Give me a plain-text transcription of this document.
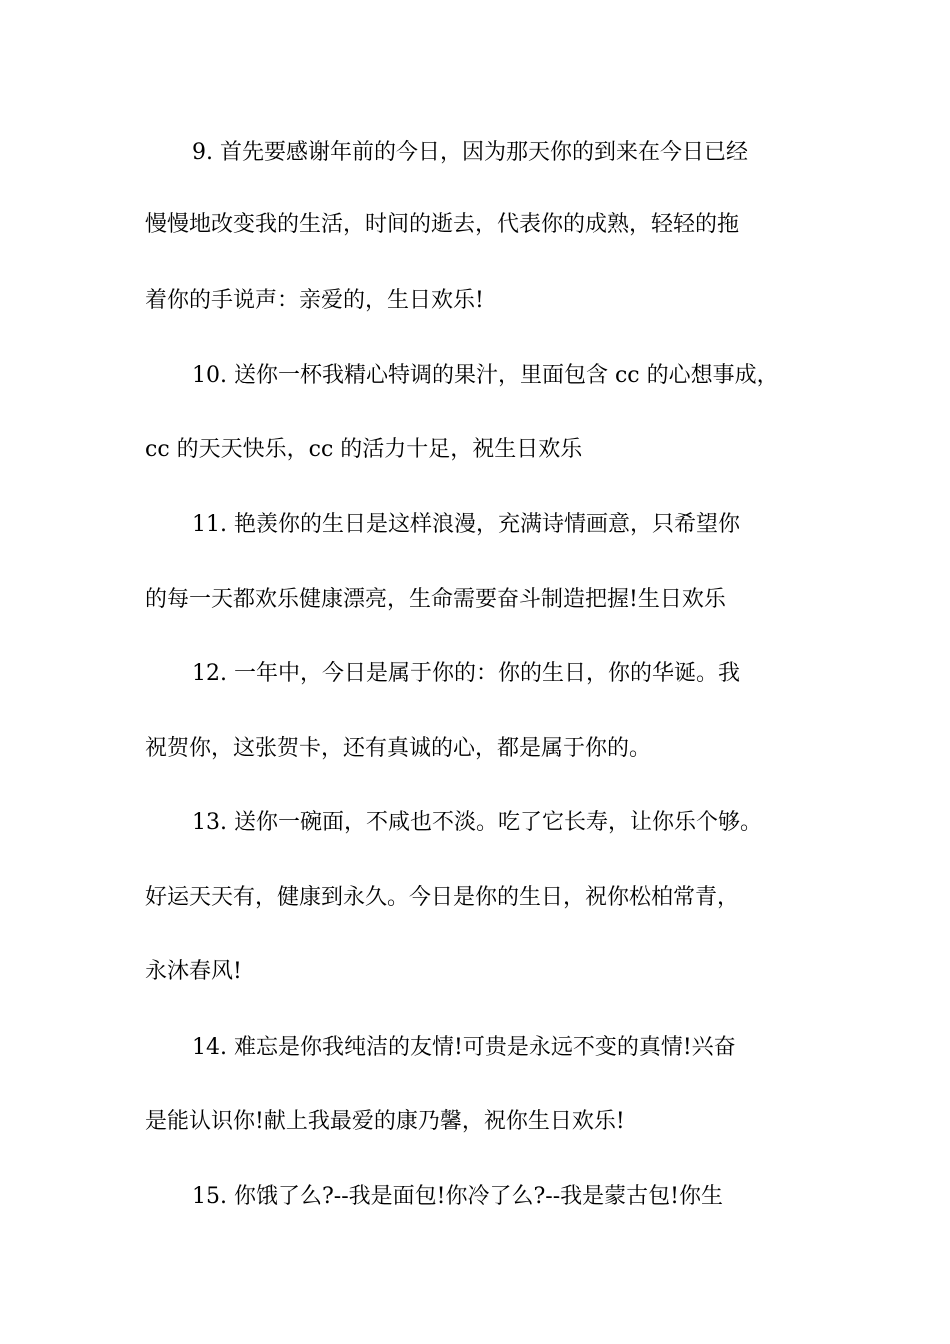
9. 首先要感谢年前的今日，因为那天你的到来在今日已经
慢慢地改变我的生活，时间的逝去，代表你的成熟，轻轻的拖
着你的手说声：亲爱的，生日欢乐!
10. 送你一杯我精心特调的果汁，里面包含 cc 的心想事成，
cc 的天天快乐，cc 的活力十足，祝生日欢乐
11. 艳羡你的生日是这样浪漫，充满诗情画意，只希望你
的每一天都欢乐健康漂亮，生命需要奋斗制造把握!生日欢乐
12. 一年中，今日是属于你的：你的生日，你的华诞。我
祝贺你，这张贺卡，还有真诚的心，都是属于你的。
13. 送你一碗面，不咸也不淡。吃了它长寿，让你乐个够。
好运天天有，健康到永久。今日是你的生日，祝你松柏常青，
永沐春风!
14. 难忘是你我纯洁的友情!可贵是永远不变的真情!兴奋
是能认识你!献上我最爱的康乃馨，祝你生日欢乐!
15. 你饿了么?--我是面包!你冷了么?--我是蒙古包!你生
